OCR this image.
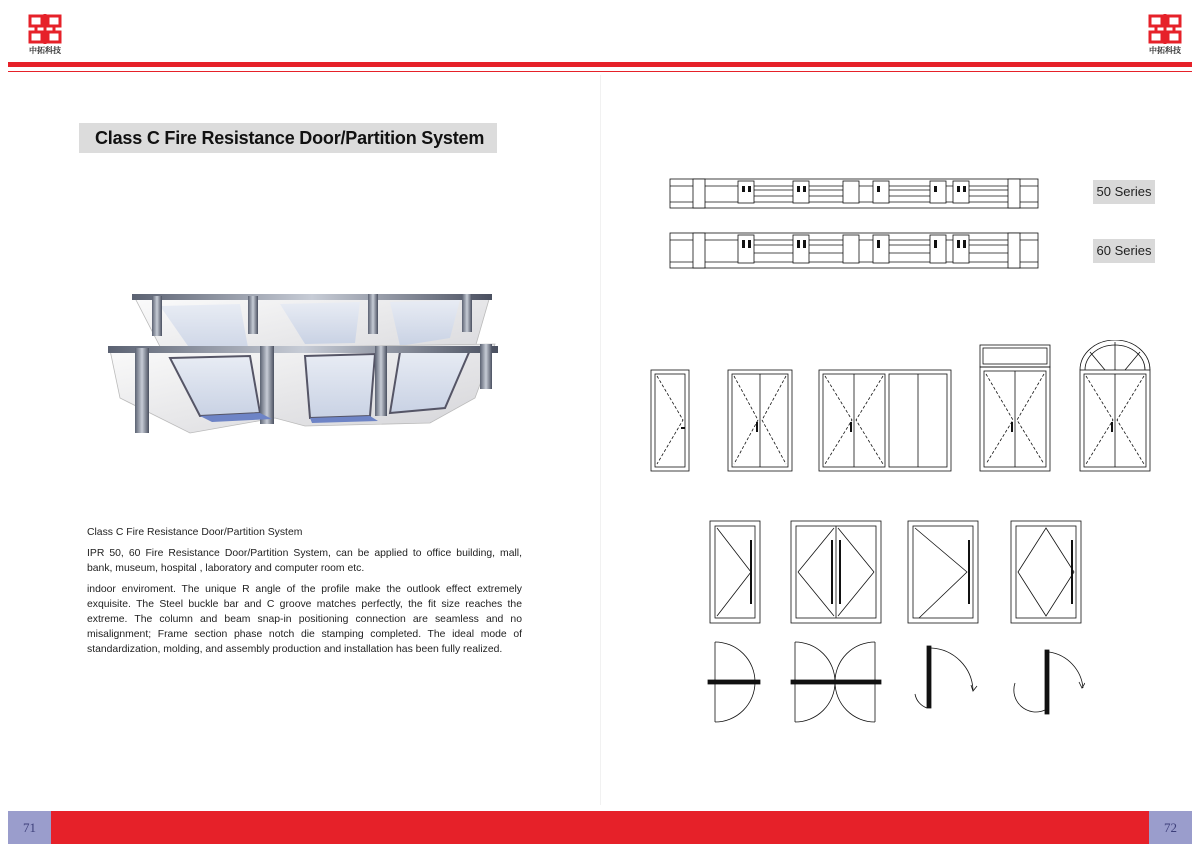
中拓科技	中拓科技
Class C Fire Resistance Door/Partition System

Class C Fire Resistance Door/Partition System

IPR 50, 60 Fire Resistance Door/Partition System, can be applied to office building, mall, bank, museum, hospital , laboratory and computer room etc.

indoor enviroment. The unique R angle of the profile make the outlook effect extremely exquisite. The Steel buckle bar and C groove matches perfectly, the fit size reaches the extreme. The column and beam snap-in positioning connection are seamless and no misalignment; Frame section phase notch die stamping completed. The ideal mode of standardization, molding, and assembly production and installation has been fully realized.

50 Series
60 Series
71	72
